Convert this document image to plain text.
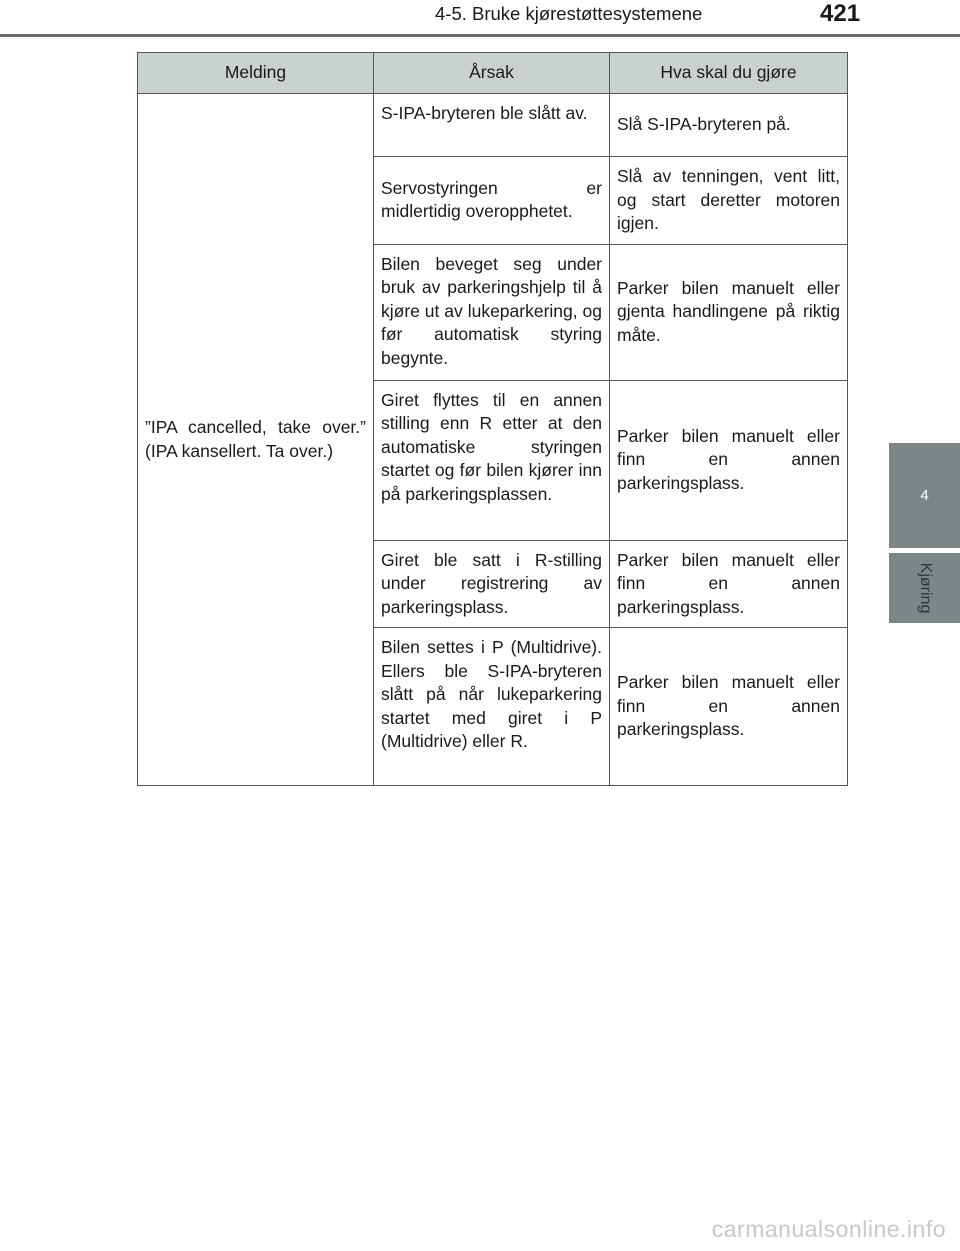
4-5. Bruke kjørestøttesystemene	421
4
Kjøring
Melding	Årsak	Hva skal du gjøre
”IPA cancelled, take over.” (IPA kansellert. Ta over.)	S-IPA-bryteren ble slått av.	Slå S-IPA-bryteren på.
	Servostyringen er midlertidig overopphetet.	Slå av tenningen, vent litt, og start deretter motoren igjen.
	Bilen beveget seg under bruk av parkeringshjelp til å kjøre ut av lukeparkering, og før automatisk styring begynte.	Parker bilen manuelt eller gjenta handlingene på riktig måte.
	Giret flyttes til en annen stilling enn R etter at den automatiske styringen startet og før bilen kjører inn på parkeringsplassen.	Parker bilen manuelt eller finn en annen parkeringsplass.
	Giret ble satt i R-stilling under registrering av parkeringsplass.	Parker bilen manuelt eller finn en annen parkeringsplass.
	Bilen settes i P (Multidrive). Ellers ble S-IPA-bryteren slått på når lukeparkering startet med giret i P (Multidrive) eller R.	Parker bilen manuelt eller finn en annen parkeringsplass.
carmanualsonline.info
